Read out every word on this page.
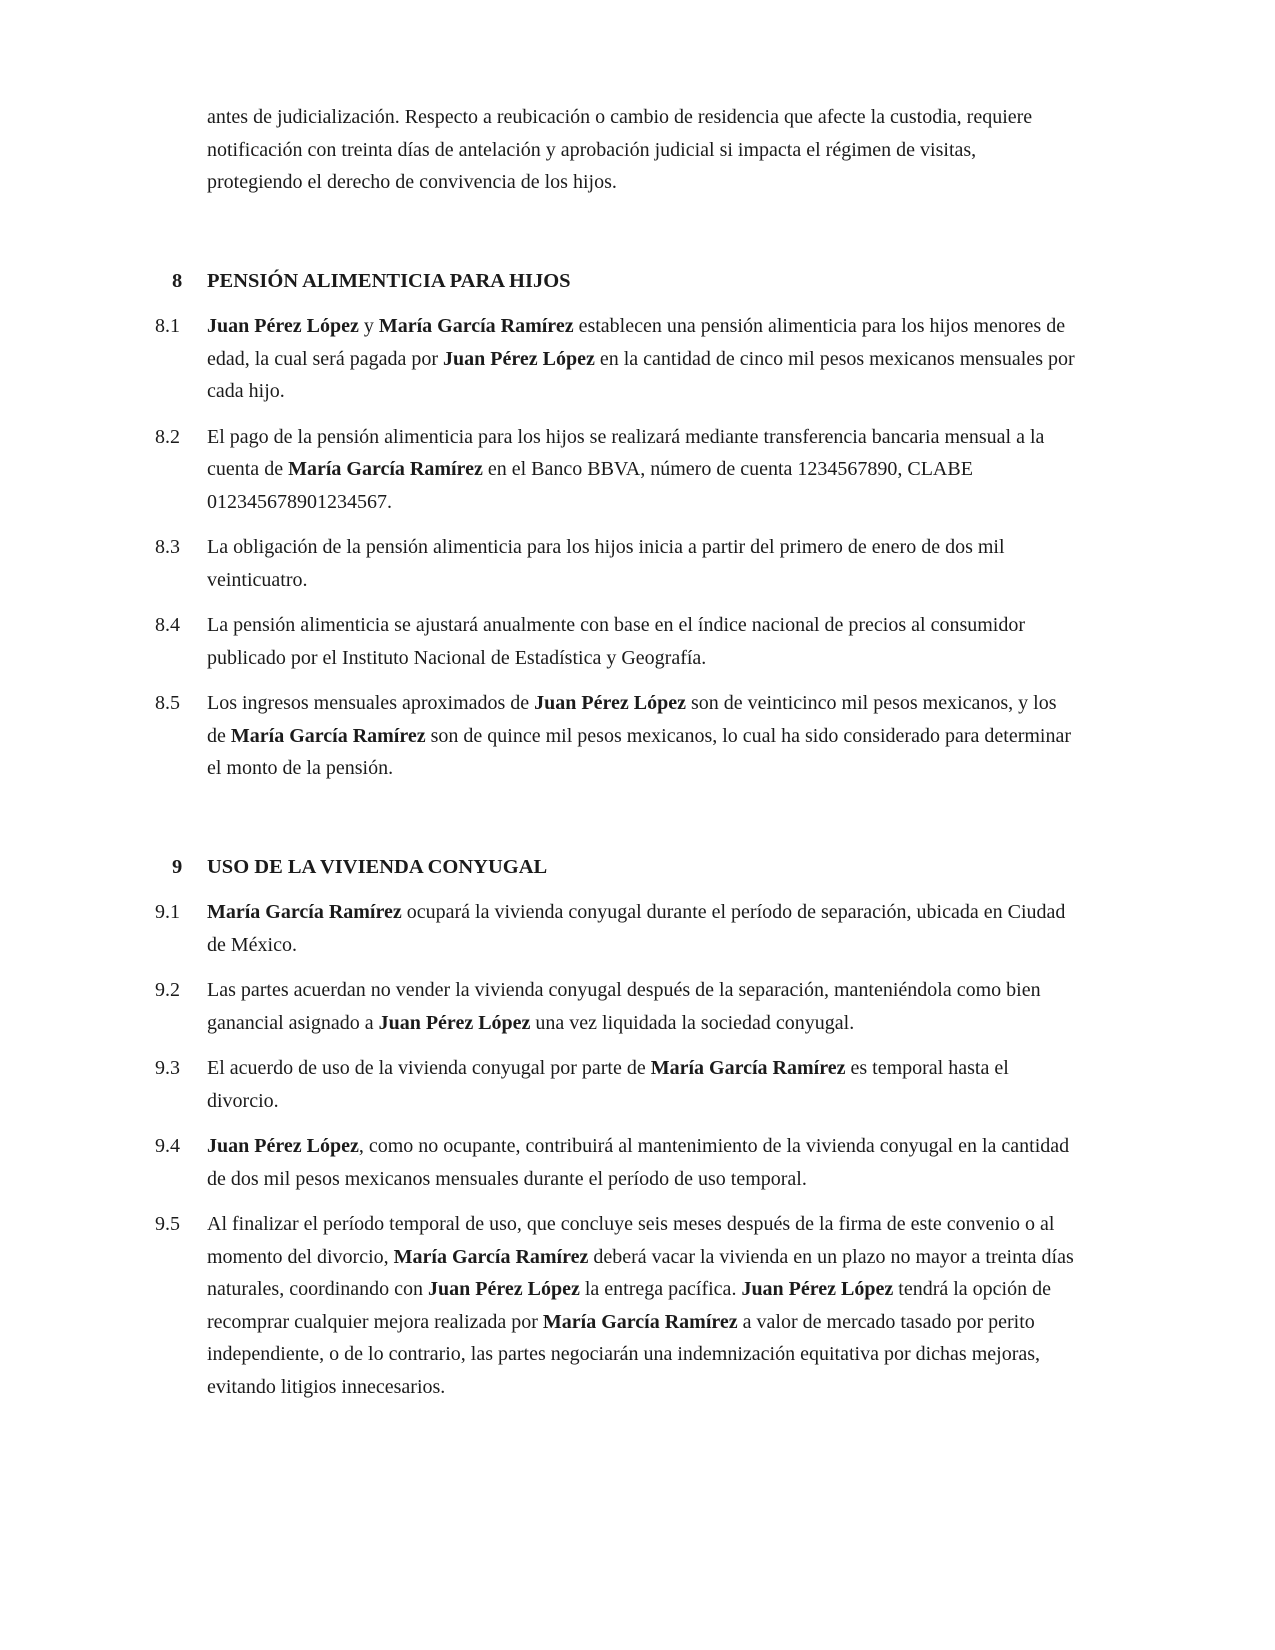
antes de judicialización. Respecto a reubicación o cambio de residencia que afecte la custodia, requiere notificación con treinta días de antelación y aprobación judicial si impacta el régimen de visitas, protegiendo el derecho de convivencia de los hijos.

8	PENSIÓN ALIMENTICIA PARA HIJOS
8.1	Juan Pérez López y María García Ramírez establecen una pensión alimenticia para los hijos menores de edad, la cual será pagada por Juan Pérez López en la cantidad de cinco mil pesos mexicanos mensuales por cada hijo.
8.2	El pago de la pensión alimenticia para los hijos se realizará mediante transferencia bancaria mensual a la cuenta de María García Ramírez en el Banco BBVA, número de cuenta 1234567890, CLABE 012345678901234567.
8.3	La obligación de la pensión alimenticia para los hijos inicia a partir del primero de enero de dos mil veinticuatro.
8.4	La pensión alimenticia se ajustará anualmente con base en el índice nacional de precios al consumidor publicado por el Instituto Nacional de Estadística y Geografía.
8.5	Los ingresos mensuales aproximados de Juan Pérez López son de veinticinco mil pesos mexicanos, y los de María García Ramírez son de quince mil pesos mexicanos, lo cual ha sido considerado para determinar el monto de la pensión.
9	USO DE LA VIVIENDA CONYUGAL
9.1	María García Ramírez ocupará la vivienda conyugal durante el período de separación, ubicada en Ciudad de México.
9.2	Las partes acuerdan no vender la vivienda conyugal después de la separación, manteniéndola como bien ganancial asignado a Juan Pérez López una vez liquidada la sociedad conyugal.
9.3	El acuerdo de uso de la vivienda conyugal por parte de María García Ramírez es temporal hasta el divorcio.
9.4	Juan Pérez López, como no ocupante, contribuirá al mantenimiento de la vivienda conyugal en la cantidad de dos mil pesos mexicanos mensuales durante el período de uso temporal.
9.5	Al finalizar el período temporal de uso, que concluye seis meses después de la firma de este convenio o al momento del divorcio, María García Ramírez deberá vacar la vivienda en un plazo no mayor a treinta días naturales, coordinando con Juan Pérez López la entrega pacífica. Juan Pérez López tendrá la opción de recomprar cualquier mejora realizada por María García Ramírez a valor de mercado tasado por perito independiente, o de lo contrario, las partes negociarán una indemnización equitativa por dichas mejoras, evitando litigios innecesarios.
